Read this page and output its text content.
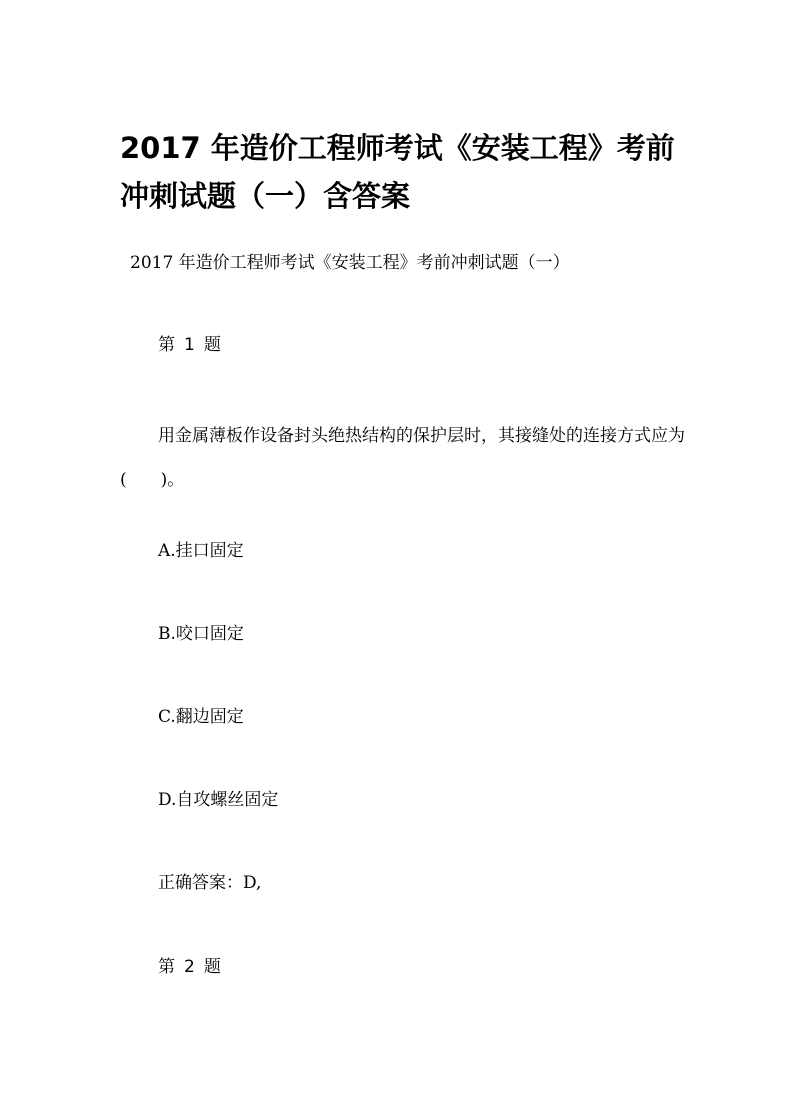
2017 年造价工程师考试《安装工程》考前冲刺试题（一）含答案

2017 年造价工程师考试《安装工程》考前冲刺试题（一）

第 1 题

用金属薄板作设备封头绝热结构的保护层时，其接缝处的连接方式应为(　　)。

A.挂口固定

B.咬口固定

C.翻边固定

D.自攻螺丝固定

正确答案：D,

第 2 题
